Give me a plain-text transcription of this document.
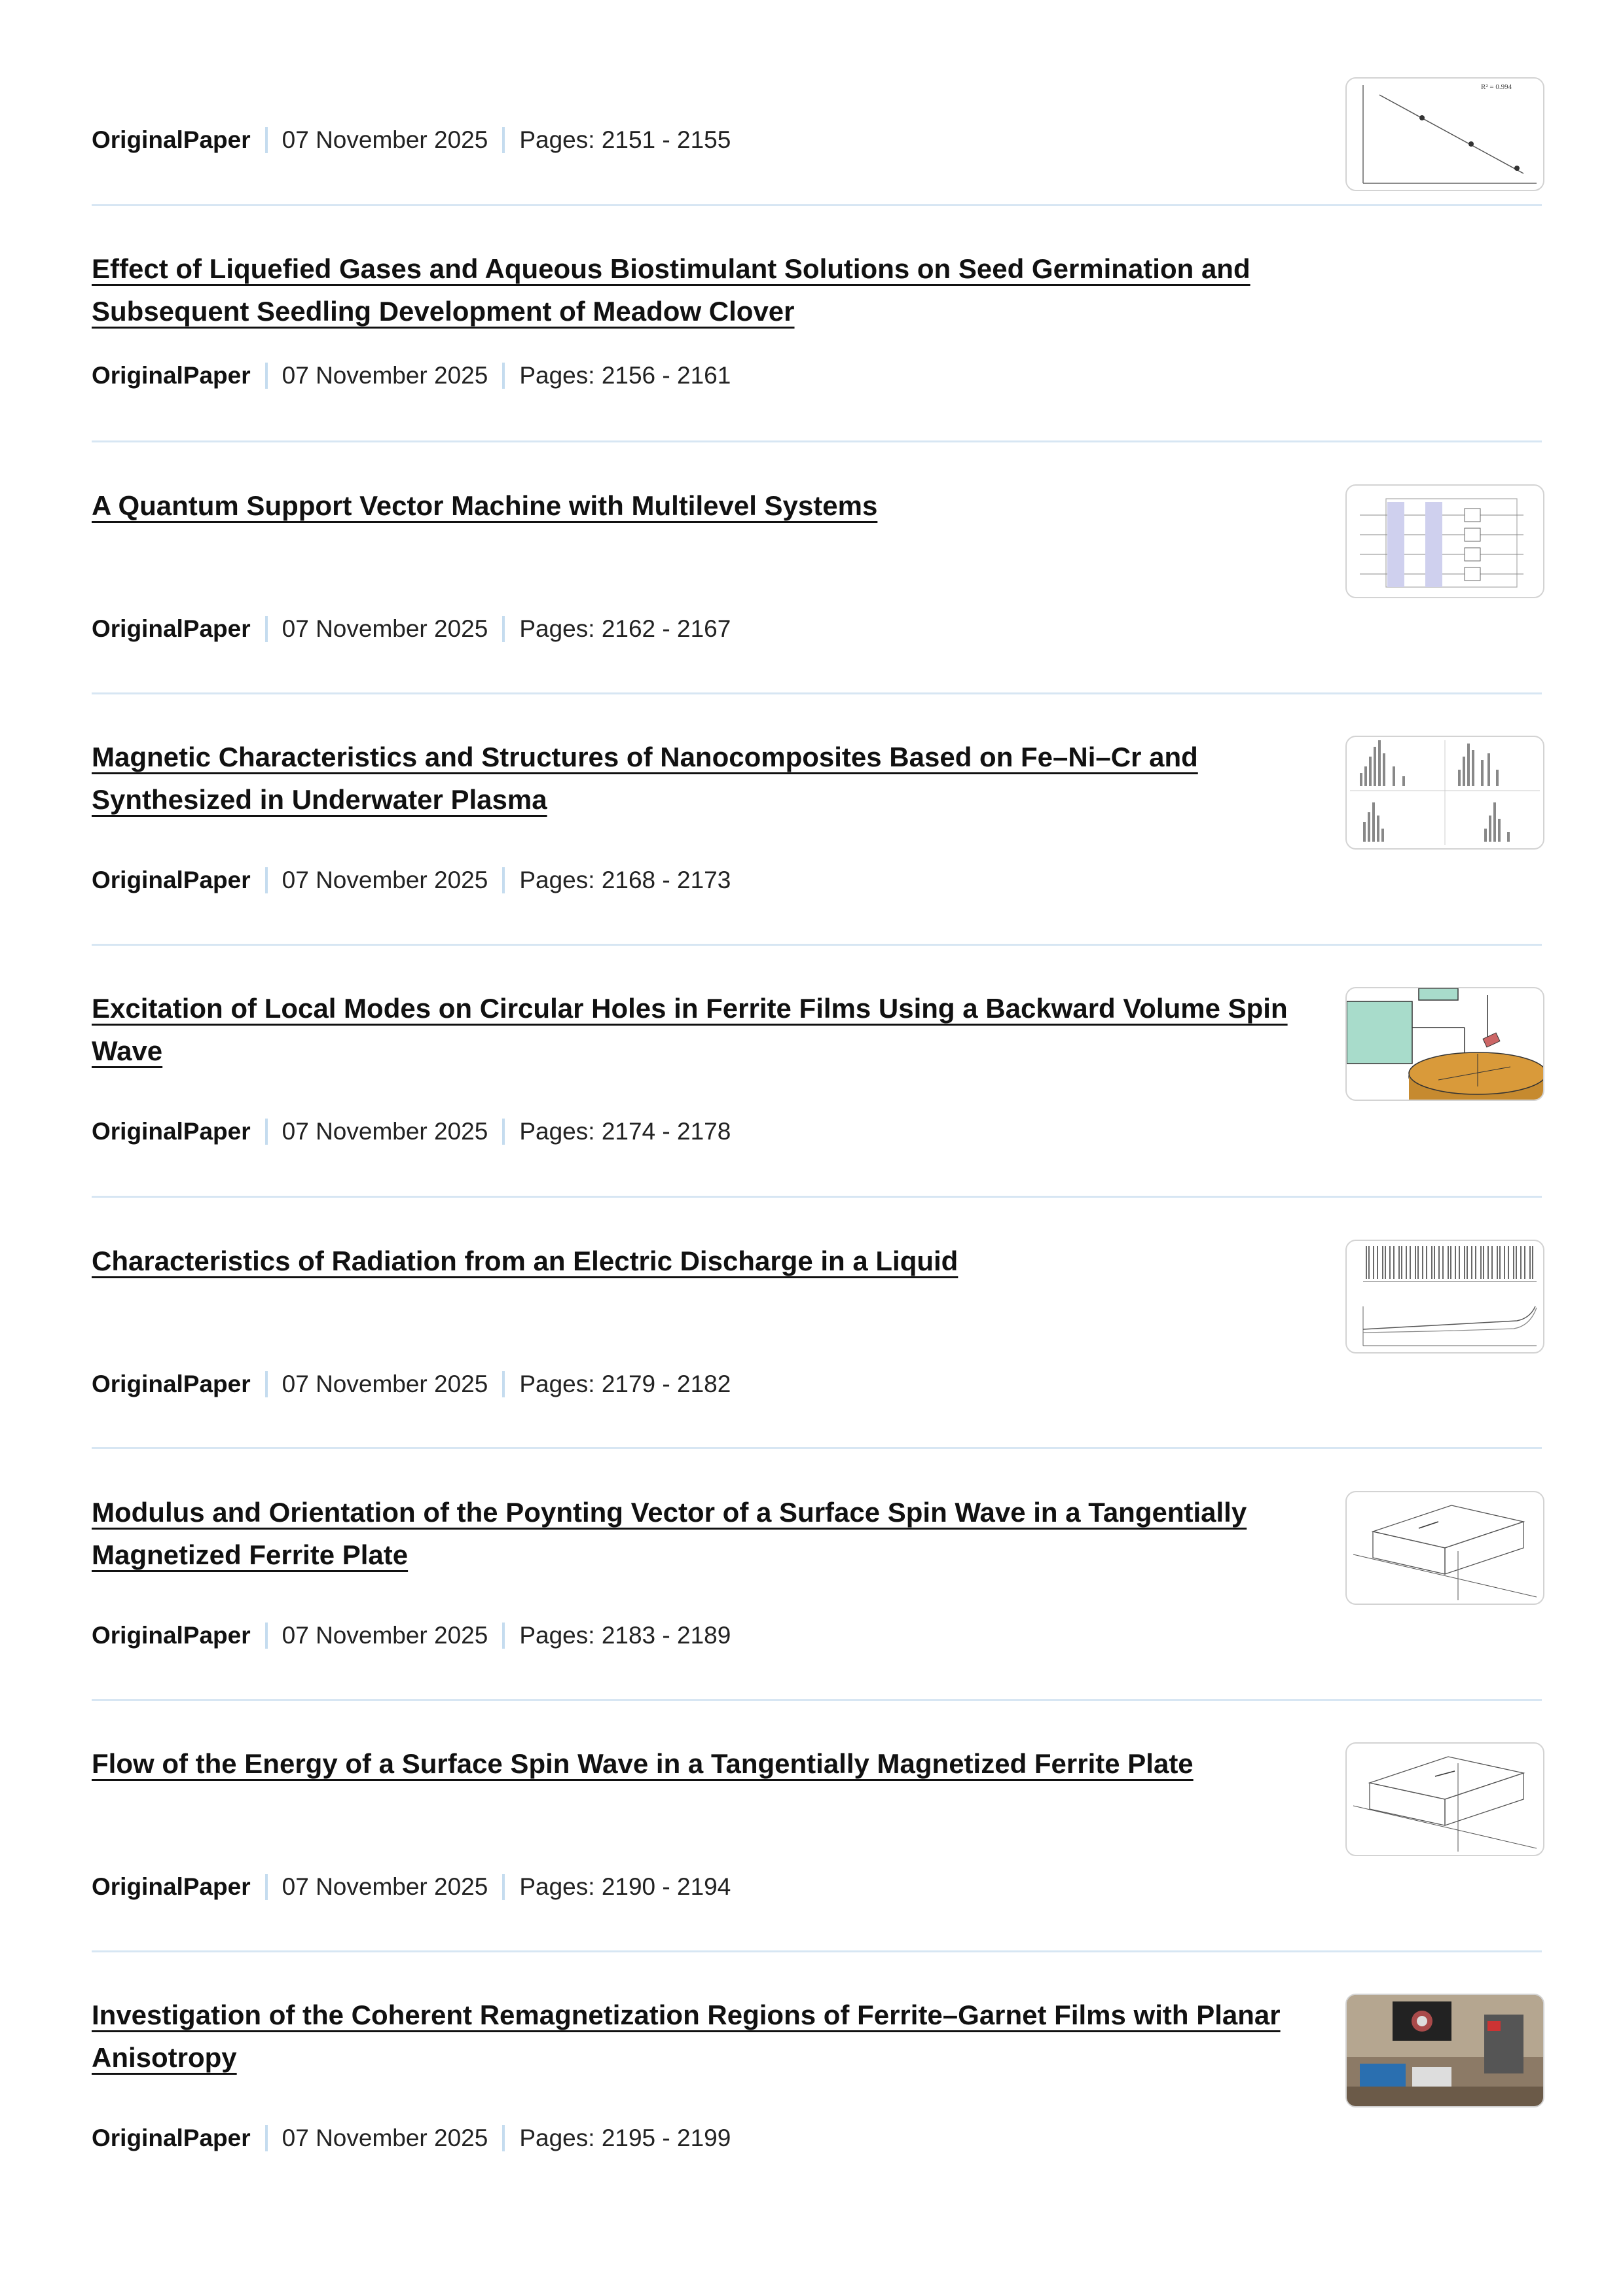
OriginalPaper 07 November 2025 Pages: 2151 - 2155
R² = 0.994
Effect of Liquefied Gases and Aqueous Biostimulant Solutions on Seed Germination and Subsequent Seedling Development of Meadow Clover
OriginalPaper 07 November 2025 Pages: 2156 - 2161
A Quantum Support Vector Machine with Multilevel Systems
OriginalPaper 07 November 2025 Pages: 2162 - 2167
Magnetic Characteristics and Structures of Nanocomposites Based on Fe–Ni–Cr and Synthesized in Underwater Plasma
OriginalPaper 07 November 2025 Pages: 2168 - 2173
Excitation of Local Modes on Circular Holes in Ferrite Films Using a Backward Volume Spin Wave
OriginalPaper 07 November 2025 Pages: 2174 - 2178
Characteristics of Radiation from an Electric Discharge in a Liquid
OriginalPaper 07 November 2025 Pages: 2179 - 2182
Modulus and Orientation of the Poynting Vector of a Surface Spin Wave in a Tangentially Magnetized Ferrite Plate
OriginalPaper 07 November 2025 Pages: 2183 - 2189
Flow of the Energy of a Surface Spin Wave in a Tangentially Magnetized Ferrite Plate
OriginalPaper 07 November 2025 Pages: 2190 - 2194
Investigation of the Coherent Remagnetization Regions of Ferrite–Garnet Films with Planar Anisotropy
OriginalPaper 07 November 2025 Pages: 2195 - 2199
